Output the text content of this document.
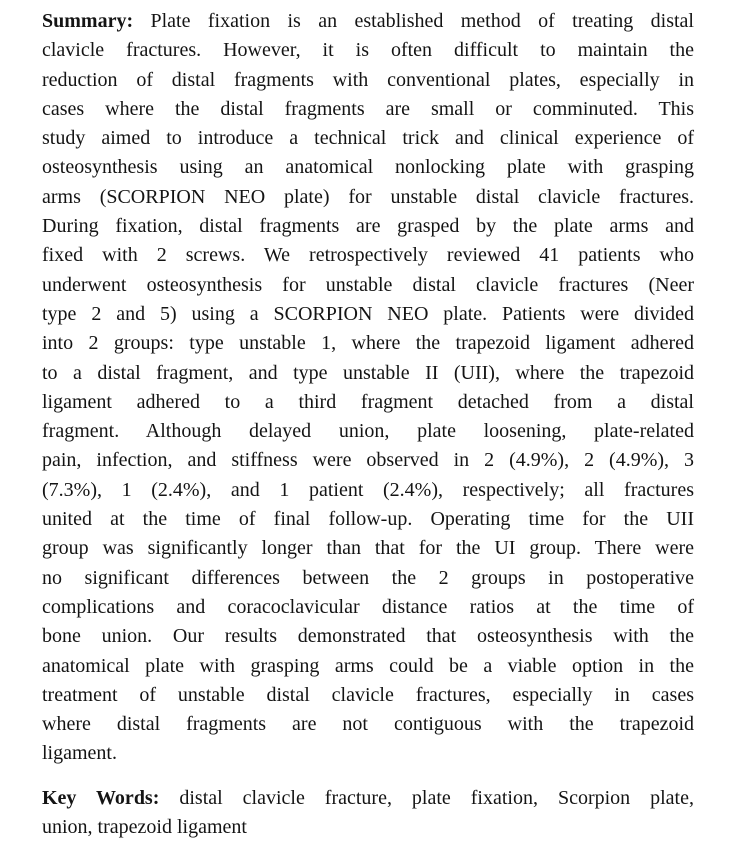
Summary: Plate fixation is an established method of treating distal
clavicle fractures. However, it is often difficult to maintain the
reduction of distal fragments with conventional plates, especially in
cases where the distal fragments are small or comminuted. This
study aimed to introduce a technical trick and clinical experience of
osteosynthesis using an anatomical nonlocking plate with grasping
arms (SCORPION NEO plate) for unstable distal clavicle fractures.
During fixation, distal fragments are grasped by the plate arms and
fixed with 2 screws. We retrospectively reviewed 41 patients who
underwent osteosynthesis for unstable distal clavicle fractures (Neer
type 2 and 5) using a SCORPION NEO plate. Patients were divided
into 2 groups: type unstable 1, where the trapezoid ligament adhered
to a distal fragment, and type unstable II (UII), where the trapezoid
ligament adhered to a third fragment detached from a distal
fragment. Although delayed union, plate loosening, plate-related
pain, infection, and stiffness were observed in 2 (4.9%), 2 (4.9%), 3
(7.3%), 1 (2.4%), and 1 patient (2.4%), respectively; all fractures
united at the time of final follow-up. Operating time for the UII
group was significantly longer than that for the UI group. There were
no significant differences between the 2 groups in postoperative
complications and coracoclavicular distance ratios at the time of
bone union. Our results demonstrated that osteosynthesis with the
anatomical plate with grasping arms could be a viable option in the
treatment of unstable distal clavicle fractures, especially in cases
where distal fragments are not contiguous with the trapezoid
ligament.
Key Words: distal clavicle fracture, plate fixation, Scorpion plate,
union, trapezoid ligament
